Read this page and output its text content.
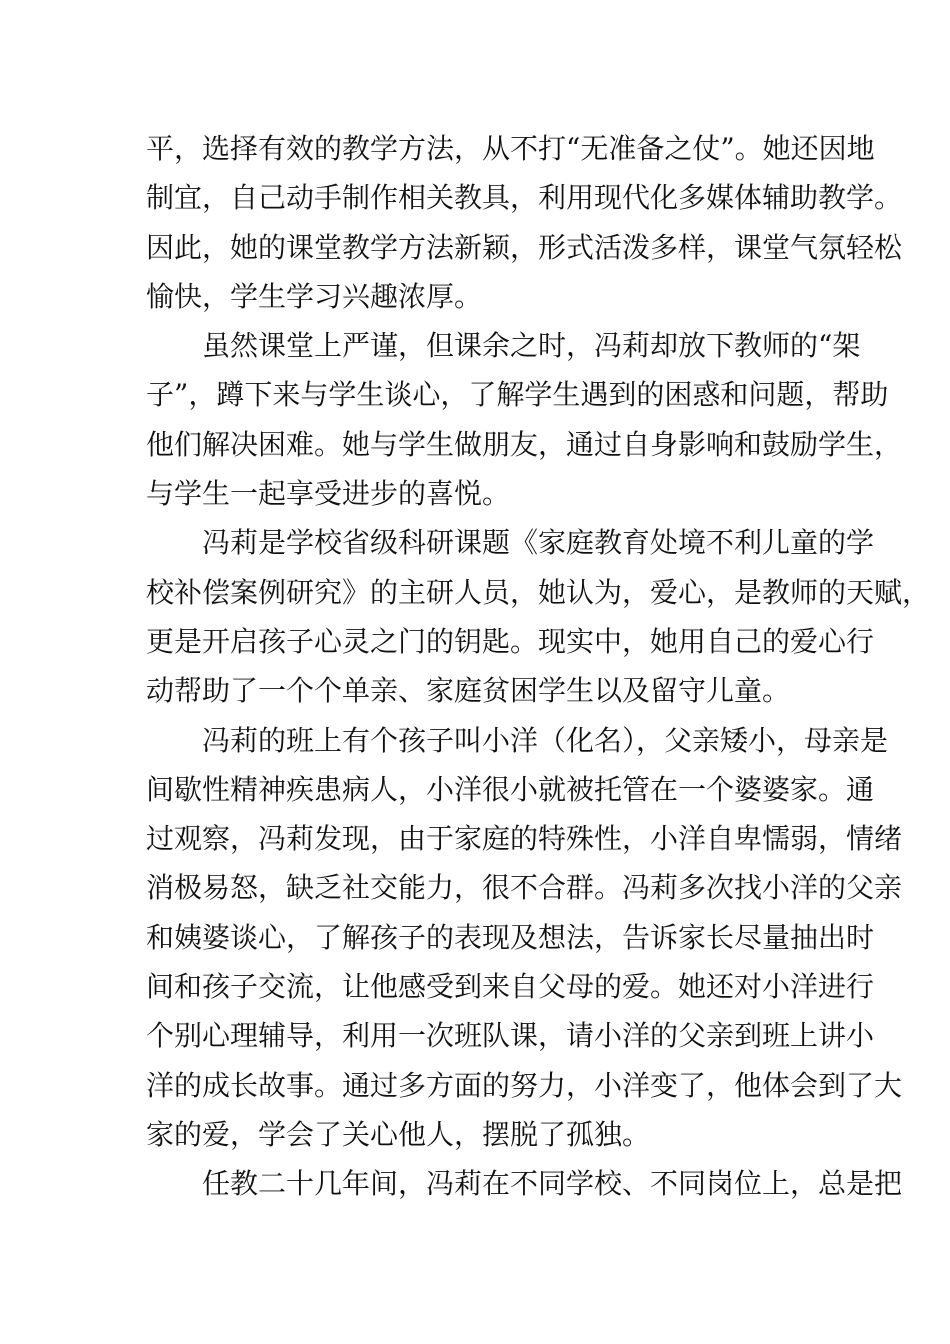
平，选择有效的教学方法，从不打“无准备之仗”。她还因地
制宜，自己动手制作相关教具，利用现代化多媒体辅助教学。
因此，她的课堂教学方法新颖，形式活泼多样，课堂气氛轻松
愉快，学生学习兴趣浓厚。
虽然课堂上严谨，但课余之时，冯莉却放下教师的“架
子”，蹲下来与学生谈心，了解学生遇到的困惑和问题，帮助
他们解决困难。她与学生做朋友，通过自身影响和鼓励学生，
与学生一起享受进步的喜悦。
冯莉是学校省级科研课题《家庭教育处境不利儿童的学
校补偿案例研究》的主研人员，她认为，爱心，是教师的天赋，
更是开启孩子心灵之门的钥匙。现实中，她用自己的爱心行
动帮助了一个个单亲、家庭贫困学生以及留守儿童。
冯莉的班上有个孩子叫小洋（化名），父亲矮小，母亲是
间歇性精神疾患病人，小洋很小就被托管在一个婆婆家。通
过观察，冯莉发现，由于家庭的特殊性，小洋自卑懦弱，情绪
消极易怒，缺乏社交能力，很不合群。冯莉多次找小洋的父亲
和姨婆谈心，了解孩子的表现及想法，告诉家长尽量抽出时
间和孩子交流，让他感受到来自父母的爱。她还对小洋进行
个别心理辅导，利用一次班队课，请小洋的父亲到班上讲小
洋的成长故事。通过多方面的努力，小洋变了，他体会到了大
家的爱，学会了关心他人，摆脱了孤独。
任教二十几年间，冯莉在不同学校、不同岗位上，总是把
